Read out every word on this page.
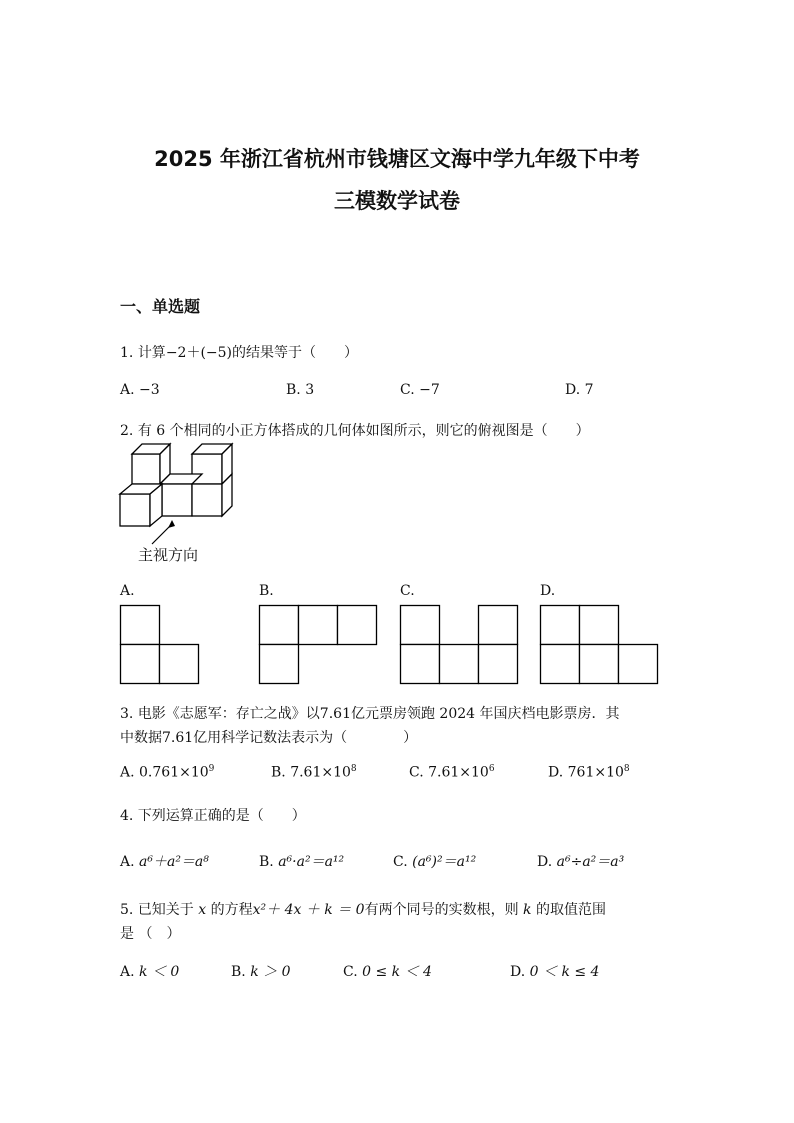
2025 年浙江省杭州市钱塘区文海中学九年级下中考
三模数学试卷
一、单选题
1. 计算−2＋(−5)的结果等于（　　）
A. −3	B. 3	C. −7	D. 7
2. 有 6 个相同的小正方体搭成的几何体如图所示，则它的俯视图是（　　）
主视方向
A.	B.	C.	D.
3. 电影《志愿军：存亡之战》以7.61亿元票房领跑 2024 年国庆档电影票房．其
中数据7.61亿用科学记数法表示为（　　　　）
A. $0.761\times 10^9$	B. $7.61\times 10^8$	C. $7.61\times 10^6$	D. $761\times 10^8$
4. 下列运算正确的是（　　）
A. a⁶＋a²＝a⁸	B. a⁶·a²＝a¹²	C. (a⁶)²＝a¹²	D. a⁶÷a²＝a³
5. 已知关于 x 的方程x²＋ 4x ＋ k ＝ 0有两个同号的实数根，则 k 的取值范围
是 （　）
A. k ＜ 0	B. k ＞ 0	C. 0 ≤ k ＜ 4	D. 0 ＜ k ≤ 4
